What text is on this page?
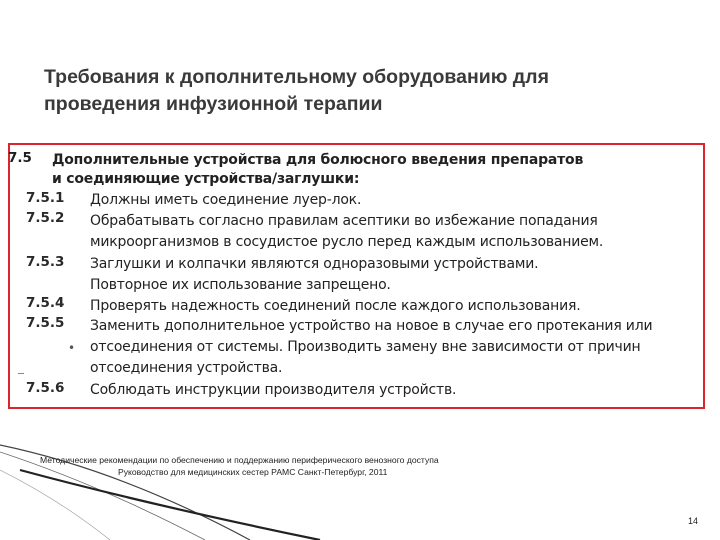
Требования к дополнительному оборудованию для
проведения инфузионной терапии
7.5 Дополнительные устройства для болюсного введения препаратов
и соединяющие устройства/заглушки:
7.5.1 Должны иметь соединение луер-лок.
7.5.2 Обрабатывать согласно правилам асептики во избежание попадания
микроорганизмов в сосудистое русло перед каждым использованием.
7.5.3 Заглушки и колпачки являются одноразовыми устройствами.
Повторное их использование запрещено.
7.5.4 Проверять надежность соединений после каждого использования.
7.5.5 Заменить дополнительное устройство на новое в случае его протекания или
• отсоединения от системы. Производить замену вне зависимости от причин
отсоединения устройства.
7.5.6 Соблюдать инструкции производителя устройств.
Методические рекомендации по обеспечению и поддержанию периферического венозного доступа
Руководство для медицинских сестер РАМС Санкт-Петербург, 2011
14
